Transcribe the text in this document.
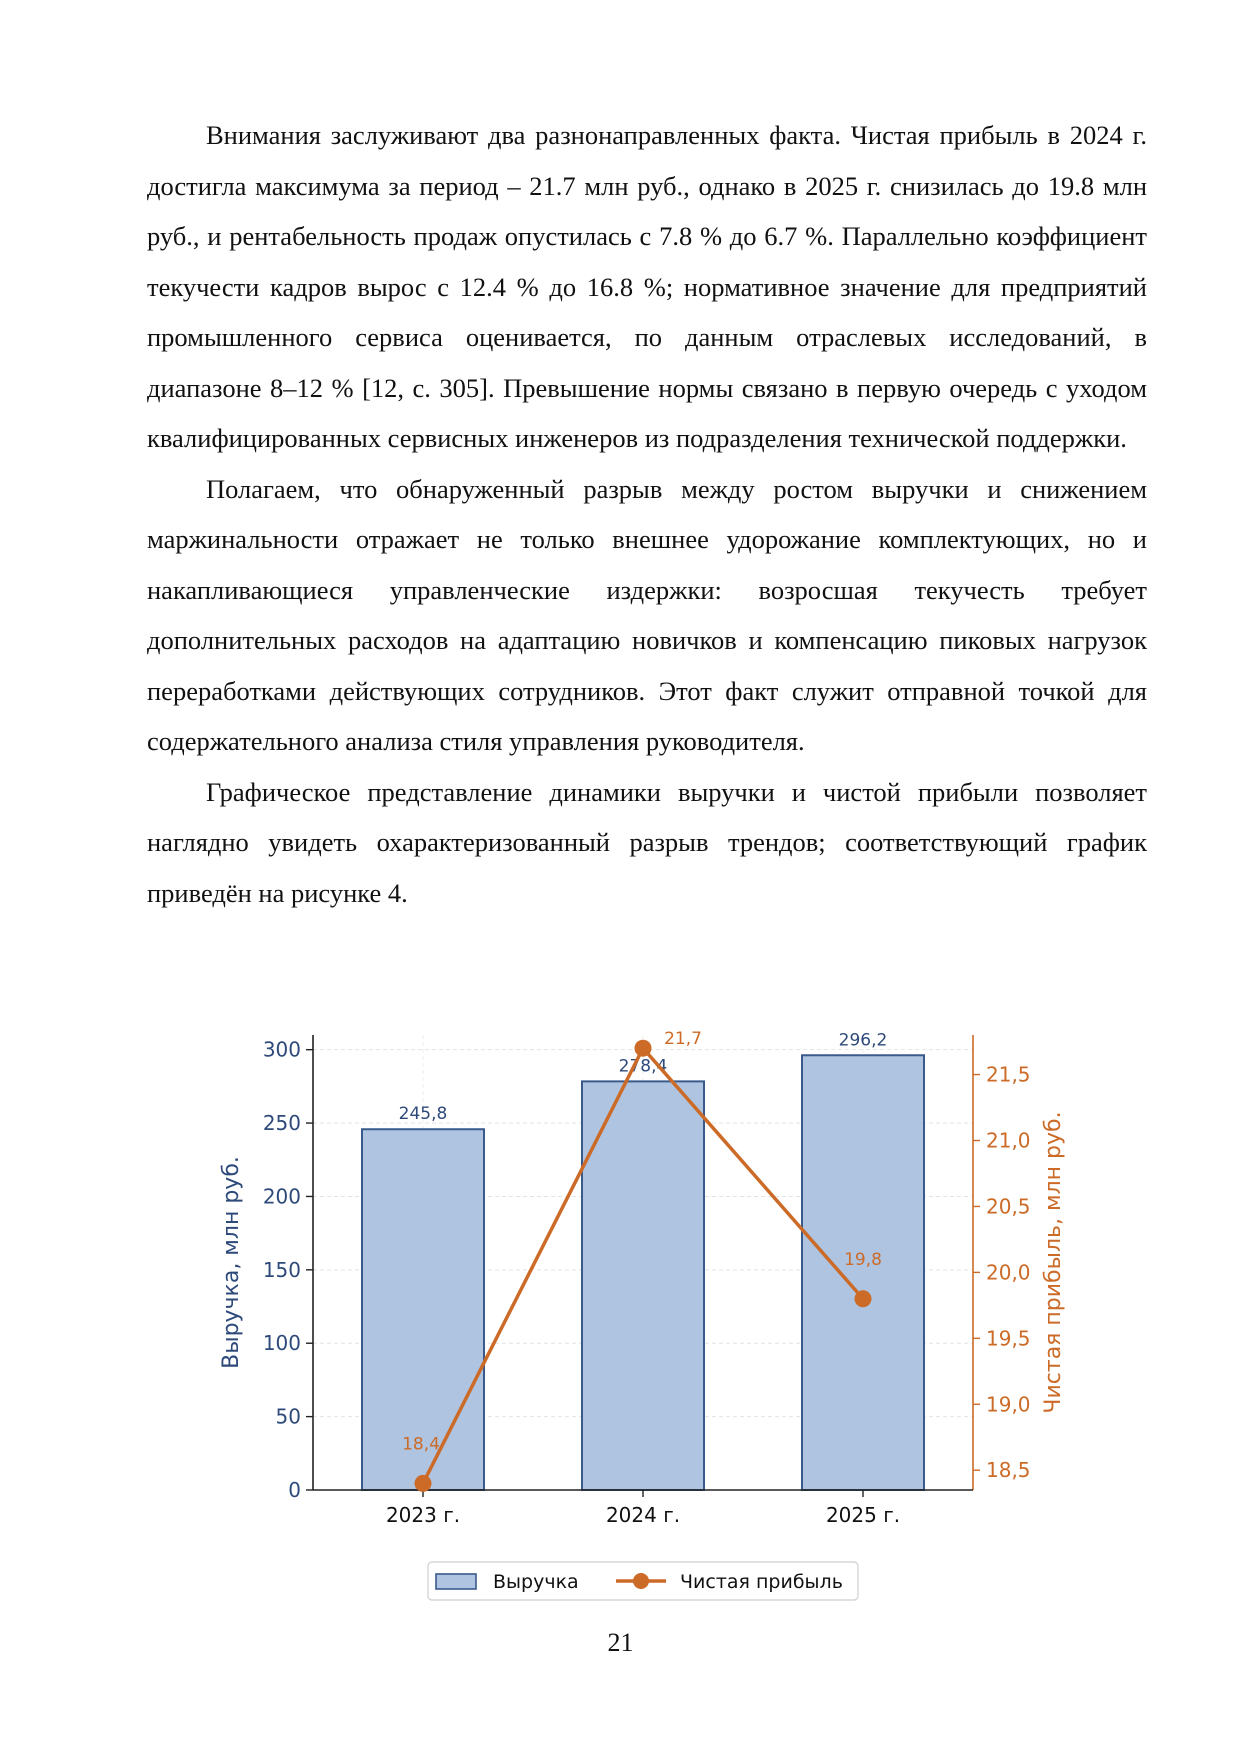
Внимания заслуживают два разнонаправленных факта. Чистая прибыль в 2024 г. достигла максимума за период – 21.7 млн руб., однако в 2025 г. снизилась до 19.8 млн руб., и рентабельность продаж опустилась с 7.8 % до 6.7 %. Параллельно коэффициент текучести кадров вырос с 12.4 % до 16.8 %; нормативное значение для предприятий промышленного сервиса оценивается, по данным отраслевых исследований, в диапазоне 8–12 % [12, с. 305]. Превышение нормы связано в первую очередь с уходом квалифицированных сервисных инженеров из подразделения технической поддержки.

Полагаем, что обнаруженный разрыв между ростом выручки и снижением маржинальности отражает не только внешнее удорожание комплектующих, но и накапливающиеся управленческие издержки: возросшая текучесть требует дополнительных расходов на адаптацию новичков и компенсацию пиковых нагрузок переработками действующих сотрудников. Этот факт служит отправной точкой для содержательного анализа стиля управления руководителя.

Графическое представление динамики выручки и чистой прибыли позволяет наглядно увидеть охарактеризованный разрыв трендов; соответствующий график приведён на рисунке 4.

245,8
278,4
296,2
0
50
100
150
200
250
300
18,5
19,0
19,5
20,0
20,5
21,0
21,5
2023 г.	2024 г.	2025 г.
Выручка, млн руб.	Чистая прибыль, млн руб.
18,4
21,7
19,8
Выручка	Чистая прибыль
21
